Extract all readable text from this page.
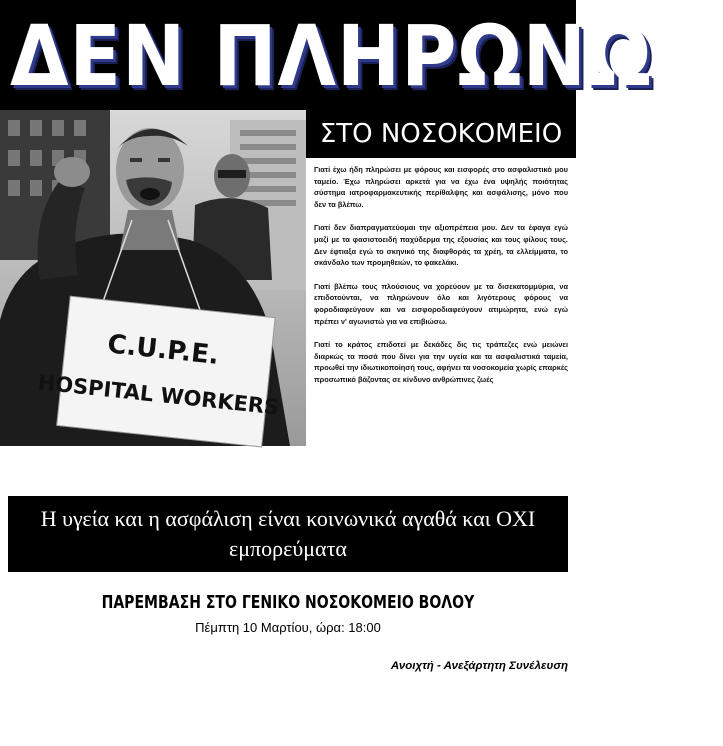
ΔΕΝ ΠΛΗΡΩΝΩ
C.U.P.E.
HOSPITAL WORKERS
ΣΤΟ ΝΟΣΟΚΟΜΕΙΟ

Γιατί έχω ήδη πληρώσει με φόρους και εισφορές στο ασφαλιστικό μου ταμείο. Έχω πληρώσει αρκετά για να έχω ένα υψηλής ποιότητας σύστημα ιατροφαρμακευτικής περίθαλψης και ασφάλισης, μόνο που δεν τα βλέπω.

Γιατί δεν διαπραγματεύομαι την αξιοπρέπεια μου. Δεν τα έφαγα εγώ μαζί με τα φασιστοειδή παχύδερμα της εξουσίας και τους φίλους τους. Δεν έφτιαξα εγώ το σκηνικό της διαφθοράς τα χρέη, τα ελλείμματα, το σκάνδαλο των προμηθειών, το φακελάκι.

Γιατί βλέπω τους πλούσιους να χορεύουν με τα δισεκατομμύρια, να επιδοτούνται, να πληρώνουν όλο και λιγότερους φόρους να φοροδιαφεύγουν και να εισφοροδιαφεύγουν ατιμώρητα, ενώ εγώ πρέπει ν' αγωνιστώ για να επιβιώσω.

Γιατί το κράτος επιδοτεί με δεκάδες δις τις τράπεζες ενώ μειώνει διαρκώς τα ποσά που δίνει για την υγεία και τα ασφαλιστικά ταμεία, προωθεί την ιδιωτικοποίησή τους, αφήνει τα νοσοκομεία χωρίς επαρκές προσωπικό βάζοντας σε κίνδυνο ανθρώπινες ζωές

Η υγεία και η ασφάλιση είναι κοινωνικά αγαθά και ΟΧΙ εμπορεύματα
ΠΑΡΕΜΒΑΣΗ ΣΤΟ ΓΕΝΙΚΟ ΝΟΣΟΚΟΜΕΙΟ ΒΟΛΟΥ
Πέμπτη 10 Μαρτίου, ώρα: 18:00
Ανοιχτή - Ανεξάρτητη Συνέλευση
